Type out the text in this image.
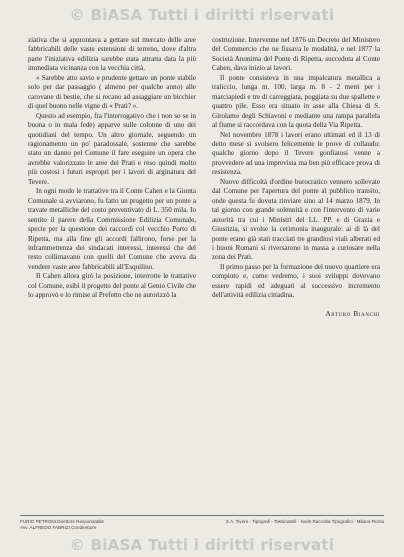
© BiASA Tutti i diritti riservati

ziativa che si approntava a gettare sul mercato delle aree fabbricabili delle vaste estensioni di terreno, dove d'altra parte l'iniziativa edilizia sarebbe stata attratta data la più immediata vicinanza con la vecchia città.

« Sarebbe atto savio e prudente gettare un ponte stabile solo per dar passaggio ( almeno per qualche anno) alle carovane di bestie, che si recano ad assaggiare un bicchier di quel buono nelle vigne di « Prati? ».

Questo ad esempio, fra l'interrogativo che i non so se in buona o in mala fede) apparve sulle colonne di uno dei quotidiani del tempo. Un altro giornale, seguendo un ragionamento un po' paradossale, sostenne che sarebbe stato un danno pel Comune il fare eseguire un opera che avrebbe valorizzato le aree dei Prati e reso quindi molto più costosi i futuri espropri per i lavori di arginatura del Tevere.

In ogni modo le trattative tra il Conte Cahen e la Giunta Comunale si avviarono, fu fatto un progetto per un ponte a travate metalliche del costo preventivato di L. 350 mila. Io sentito il parere della Commissione Edilizia Comunale, specie per la questione dei raccordi col vecchio Porto di Ripetta, ma alla fine gli accordi fallirono, forse per la inframmettenza dei sindacati interessi, interessi che del resto collimavano con quelli del Comune che aveva da vendere vaste aree fabbricabili all'Esquilino.

Il Cahen allora girò la posizione, interrotte le trattative col Comune, esibì il progetto del ponte al Genio Civile che lo approvò e lo rimise al Prefetto che ne autorizzò la

costruzione. Intervenne nel 1876 un Decreto del Ministero del Commercio che ne fissava le modalità, e nel 1877 la Società Anonima del Ponte di Ripetta, succeduta al Conte Cahen, dava inizio ai lavori.

Il ponte consisteva in una impalcatura metallica a traliccio, lunga m. 100, larga m. 8 - 2 metri per i marciapiedi e tre di carreggiata, poggiata su due spallette e quattro pile. Esso era situato in asse alla Chiesa di S. Girolamo degli Schiavoni e mediante una rampa parallela al fiume si raccordava con la quota della Via Ripetta.

Nel novembre 1878 i lavori erano ultimati ed il 13 di detto mese si svolsero felicemente le prove di collaudo: qualche giorno dopo il Tevere gonfiatosi venne a provvedere ad una imprevista ma ben più efficace prova di resistenza.

Nuove difficoltà d'ordine burocratico vennero sollevate dal Comune per l'apertura del ponte al pubblico transito, onde questa fu dovuta rinviare sino al 14 marzo 1879. In tal giorno con grande solennità e con l'intervento di varie autorità tra cui i Ministri del LL. PP. e di Grazia e Giustizia, si svolse la cerimonia inaugurale: ai di là del ponte erano già stati tracciati tre grandiosi viali alberati ed i buoni Romani si riversarono in massa a curiosare nella zona dei Prati.

Il primo passo per la formazione del nuovo quartiere era compiuto e, come vedremo, i suoi sviluppi dovevano essere rapidi ed adeguati al successivo incremento dell'attività edilizia cittadina.

Arturo Bianchi
FURIO PETRONI Direttore Responsabile
Avv. ALFREDO FABRIZI Condirettore
S.A. Tivere - Tipografi - Tassinatelli - Sede Raccolta Tipografici - Milano-Roma
© BiASA Tutti i diritti riservati
